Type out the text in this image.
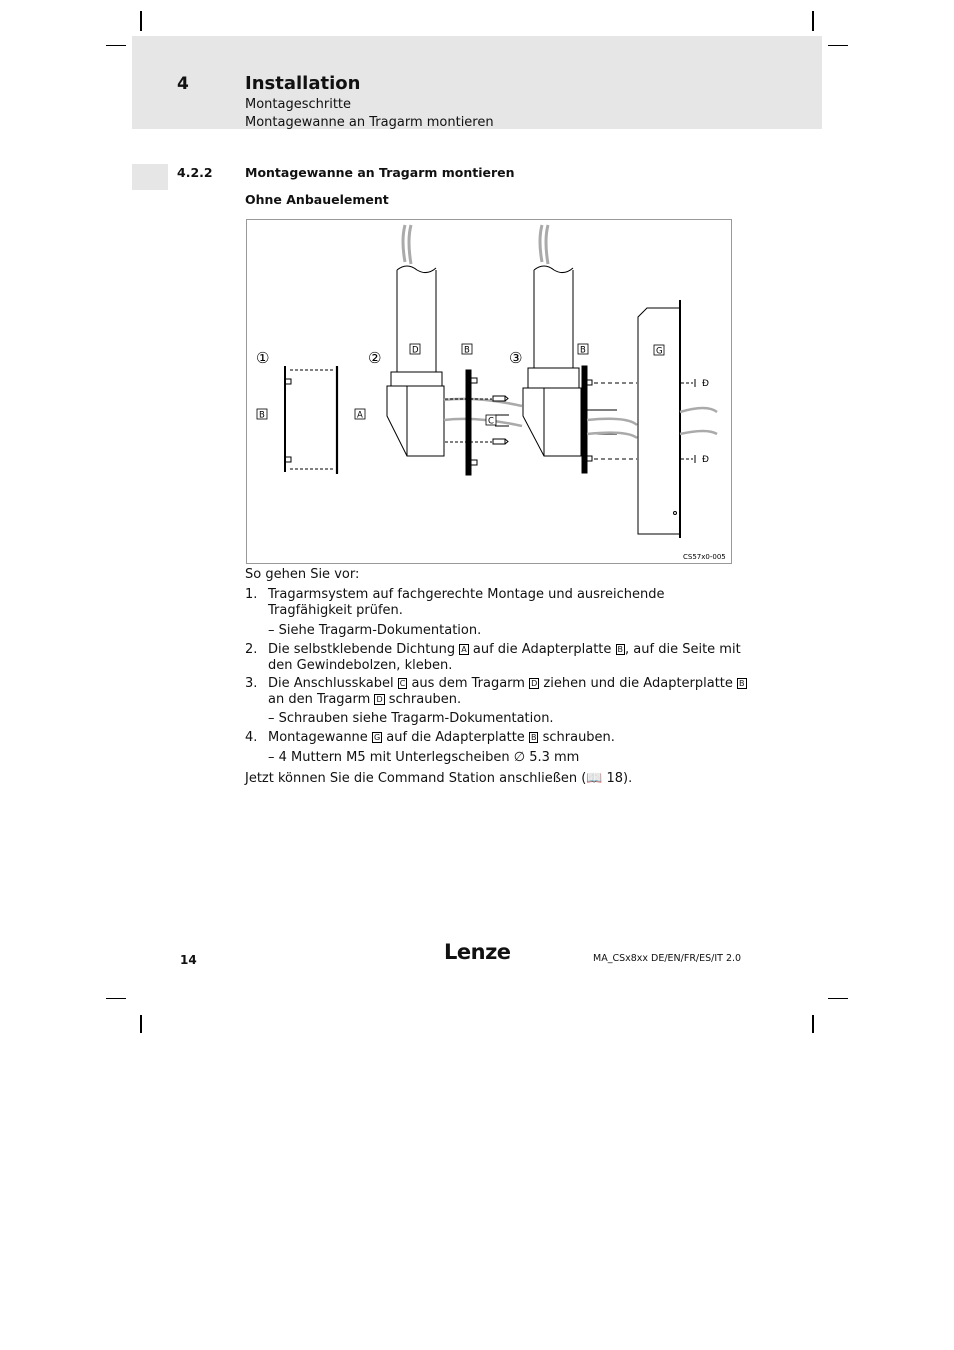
4	Installation
Montageschritte
Montagewanne an Tragarm montieren
4.2.2	Montagewanne an Tragarm montieren
Ohne Anbauelement
Ð
Ð
①	②	③
B	A
D	B
C
B	G
CS57x0-005
So gehen Sie vor:
1. Tragarmsystem auf fachgerechte Montage und ausreichende
Tragfähigkeit prüfen.
– Siehe Tragarm-Dokumentation.
2. Die selbstklebende Dichtung A auf die Adapterplatte B , auf die Seite mit
den Gewindebolzen, kleben.
3. Die Anschlusskabel C aus dem Tragarm D ziehen und die Adapterplatte B
an den Tragarm D schrauben.
– Schrauben siehe Tragarm-Dokumentation.
4. Montagewanne G auf die Adapterplatte B schrauben.
– 4 Muttern M5 mit Unterlegscheiben ∅ 5.3 mm
Jetzt können Sie die Command Station anschließen (📖 18).
14	Lenze	MA_CSx8xx DE/EN/FR/ES/IT 2.0
